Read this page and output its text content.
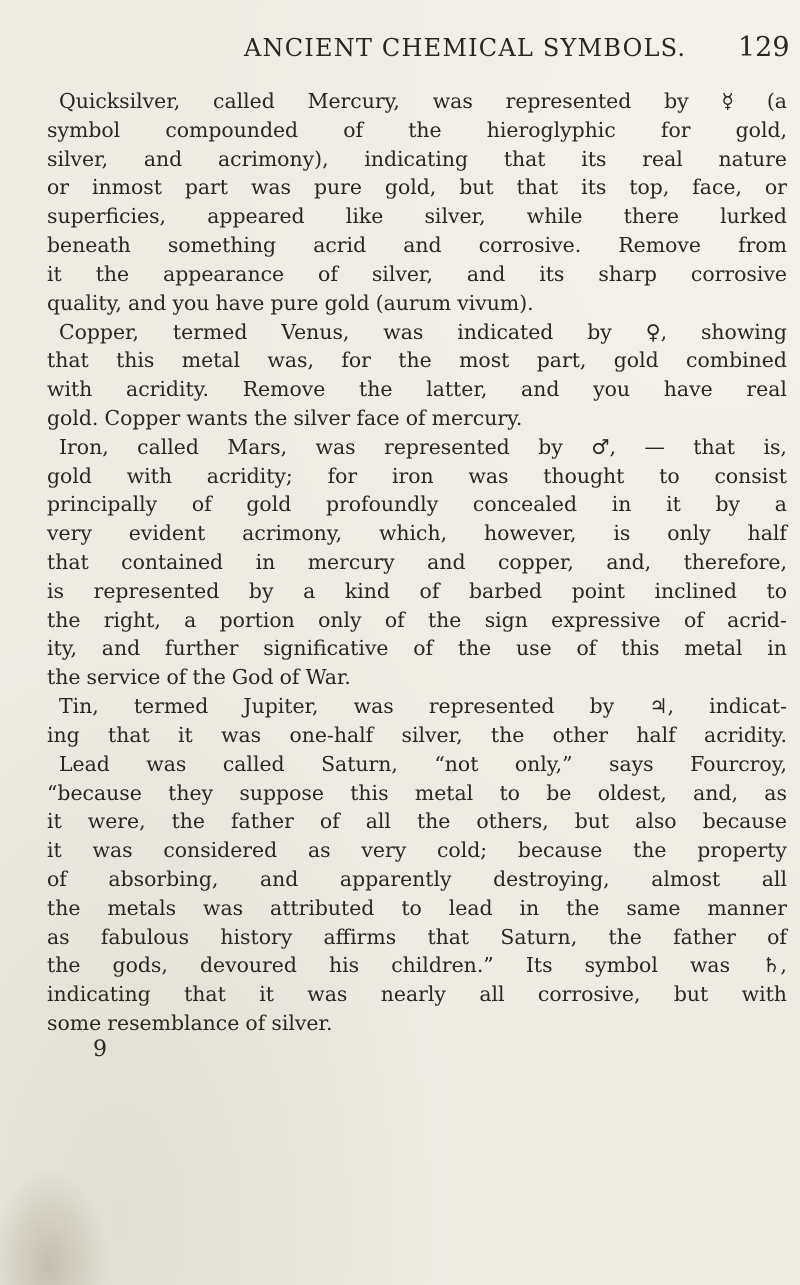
ANCIENT CHEMICAL SYMBOLS. 129
Quicksilver, called Mercury, was represented by ☿ (a
symbol compounded of the hieroglyphic for gold,
silver, and acrimony), indicating that its real nature
or inmost part was pure gold, but that its top, face, or
superficies, appeared like silver, while there lurked
beneath something acrid and corrosive. Remove from
it the appearance of silver, and its sharp corrosive
quality, and you have pure gold (aurum vivum).
Copper, termed Venus, was indicated by ♀, showing
that this metal was, for the most part, gold combined
with acridity. Remove the latter, and you have real
gold. Copper wants the silver face of mercury.
Iron, called Mars, was represented by ♂, — that is,
gold with acridity; for iron was thought to consist
principally of gold profoundly concealed in it by a
very evident acrimony, which, however, is only half
that contained in mercury and copper, and, therefore,
is represented by a kind of barbed point inclined to
the right, a portion only of the sign expressive of acrid-
ity, and further significative of the use of this metal in
the service of the God of War.
Tin, termed Jupiter, was represented by ♃, indicat-
ing that it was one-half silver, the other half acridity.
Lead was called Saturn, “not only,” says Fourcroy,
“because they suppose this metal to be oldest, and, as
it were, the father of all the others, but also because
it was considered as very cold; because the property
of absorbing, and apparently destroying, almost all
the metals was attributed to lead in the same manner
as fabulous history affirms that Saturn, the father of
the gods, devoured his children.” Its symbol was ♄,
indicating that it was nearly all corrosive, but with
some resemblance of silver.
9
